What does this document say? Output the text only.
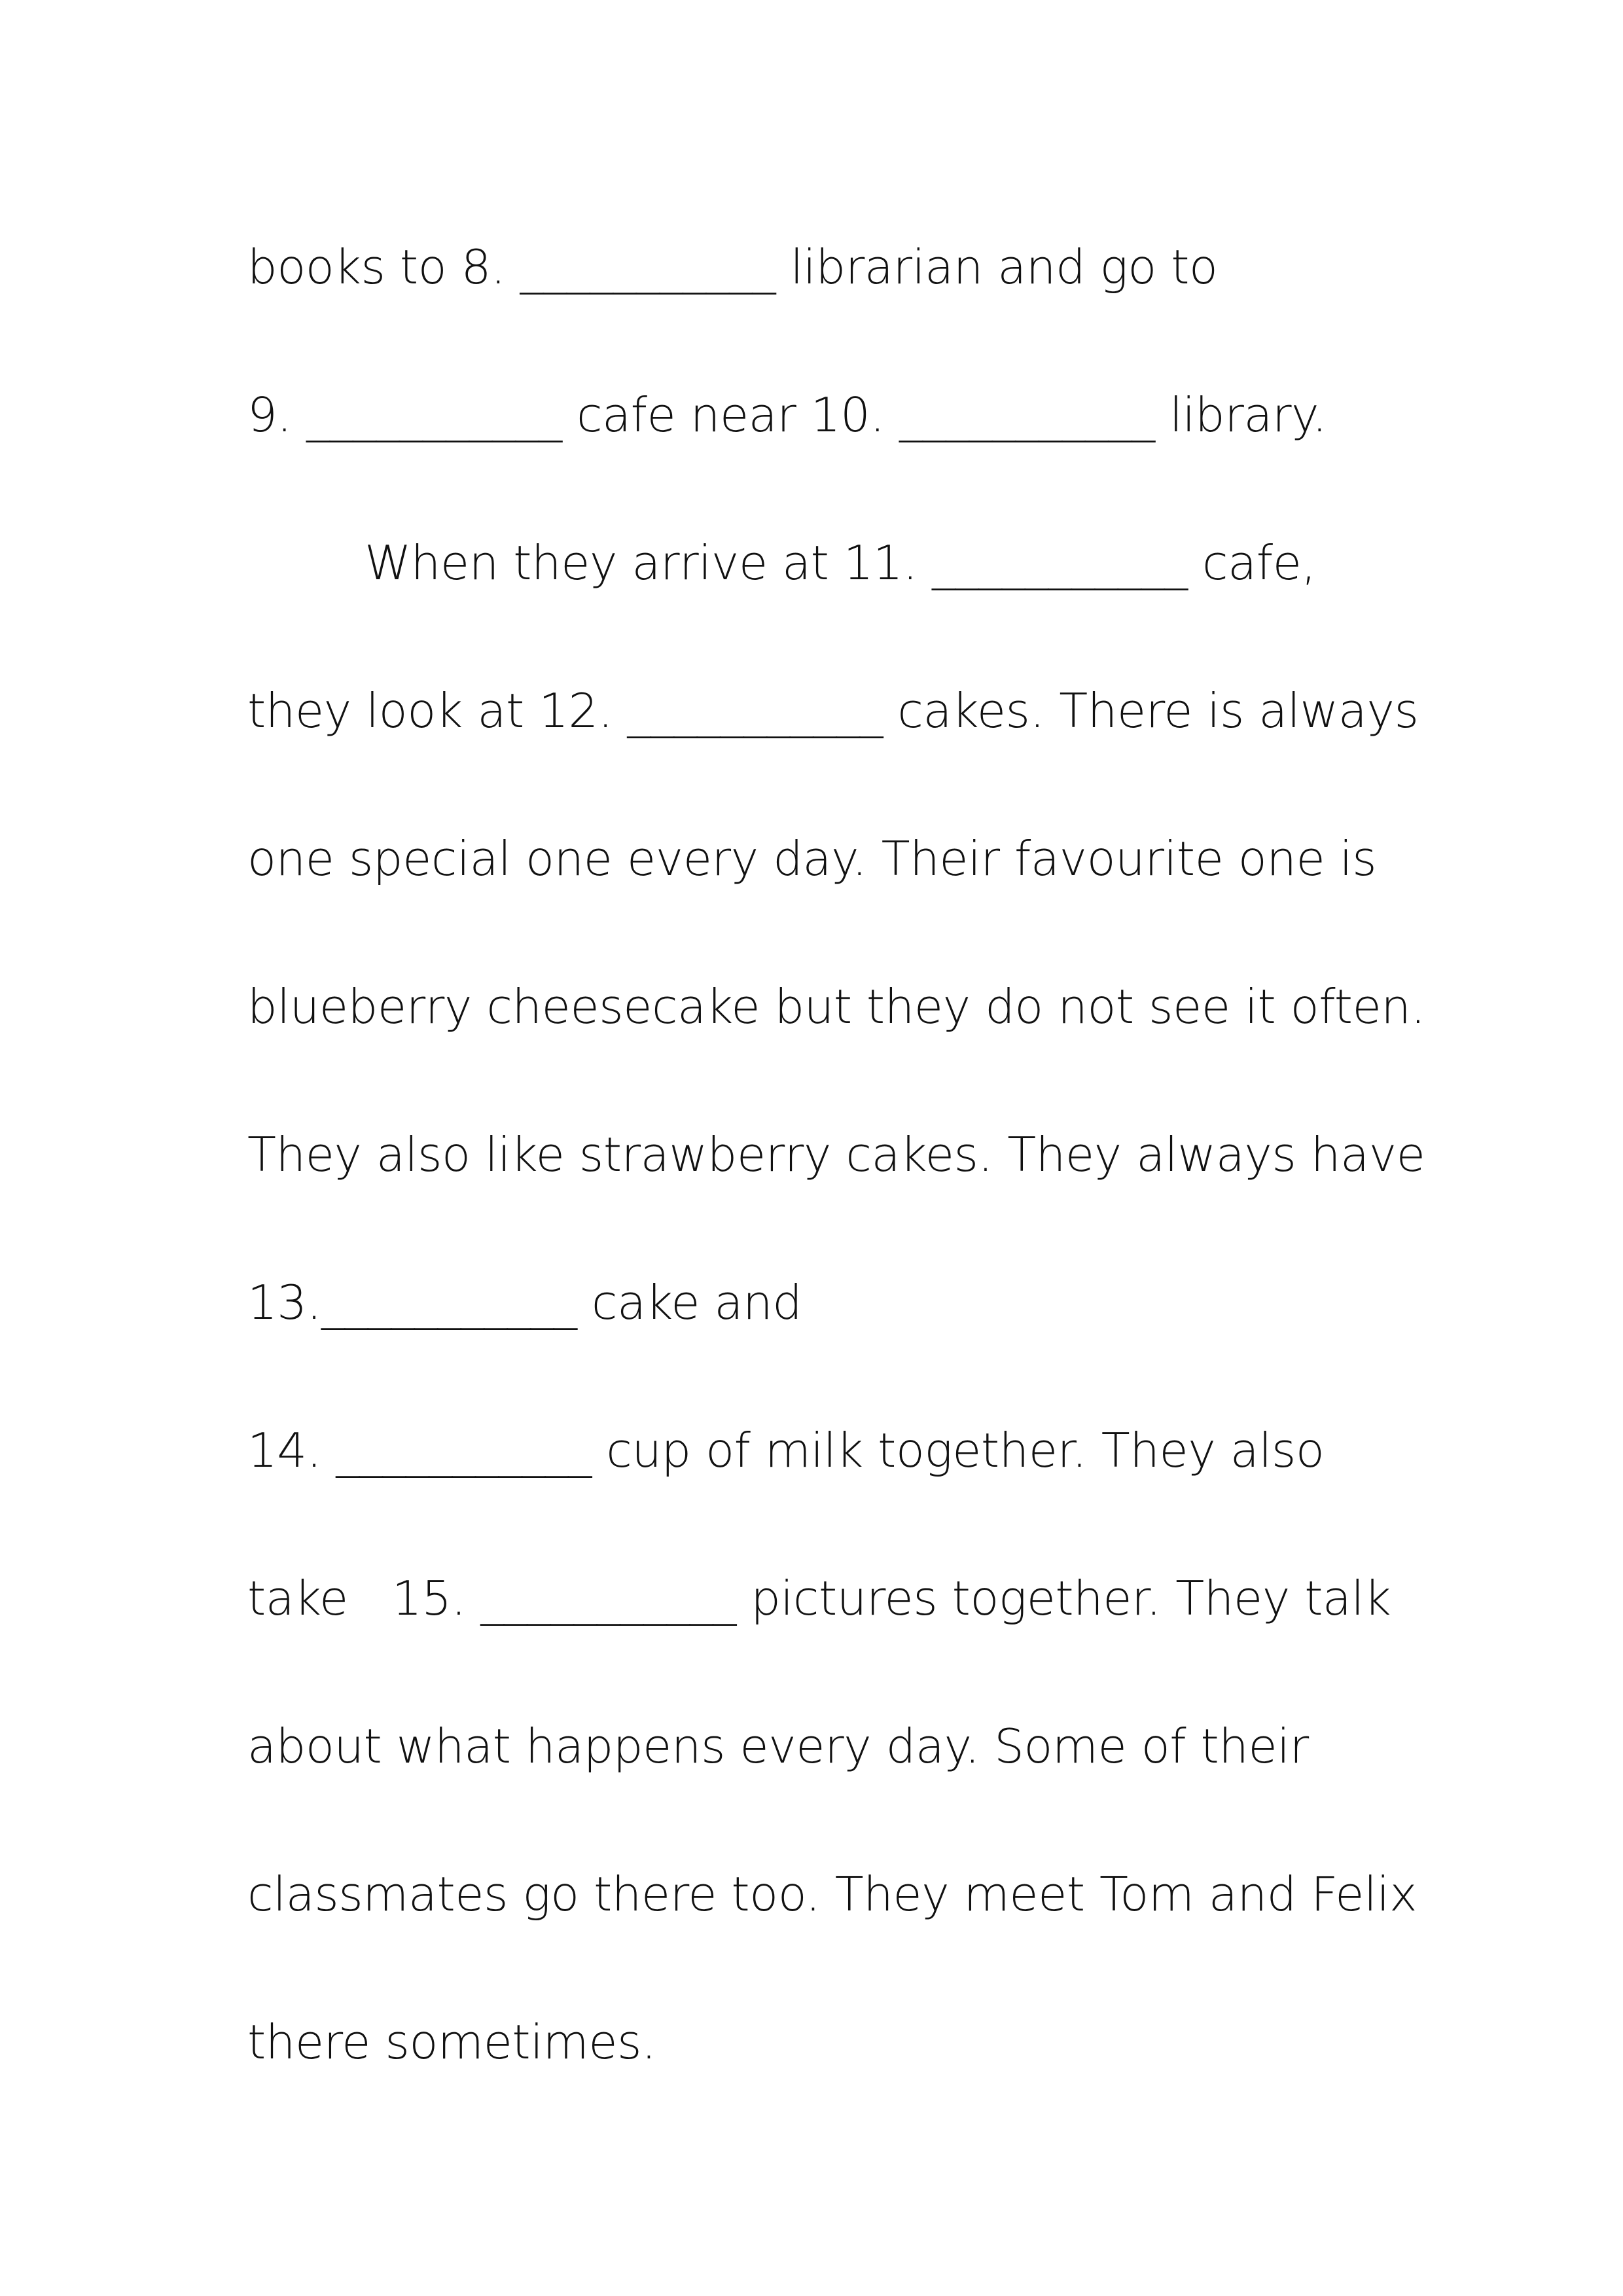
books to 8. ___________ librarian and go to
9. ___________ cafe near 10. ___________ library.
When they arrive at 11. ___________ cafe,
they look at 12. ___________ cakes. There is always
one special one every day. Their favourite one is
blueberry cheesecake but they do not see it often.
They also like strawberry cakes. They always have
13.___________ cake and
14. ___________ cup of milk together. They also
take   15. ___________ pictures together. They talk
about what happens every day. Some of their
classmates go there too. They meet Tom and Felix
there sometimes.
